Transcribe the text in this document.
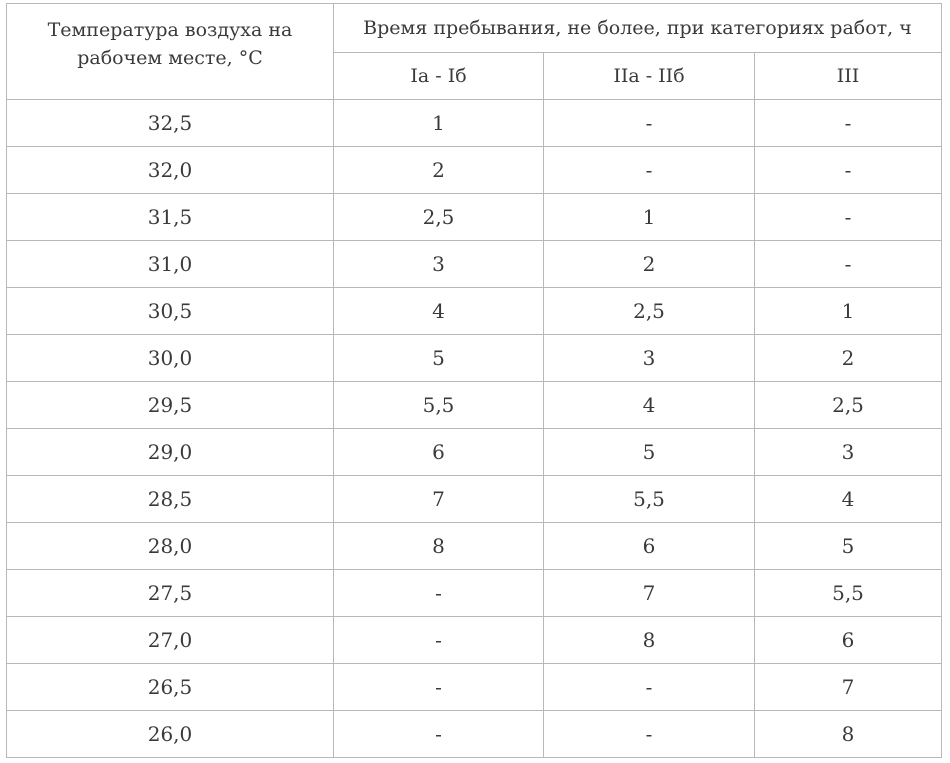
Температура воздуха на рабочем месте, °С	Время пребывания, не более, при категориях работ, ч		
	Iа - Iб	IIа - IIб	III
32,5	1	-	-
32,0	2	-	-
31,5	2,5	1	-
31,0	3	2	-
30,5	4	2,5	1
30,0	5	3	2
29,5	5,5	4	2,5
29,0	6	5	3
28,5	7	5,5	4
28,0	8	6	5
27,5	-	7	5,5
27,0	-	8	6
26,5	-	-	7
26,0	-	-	8
